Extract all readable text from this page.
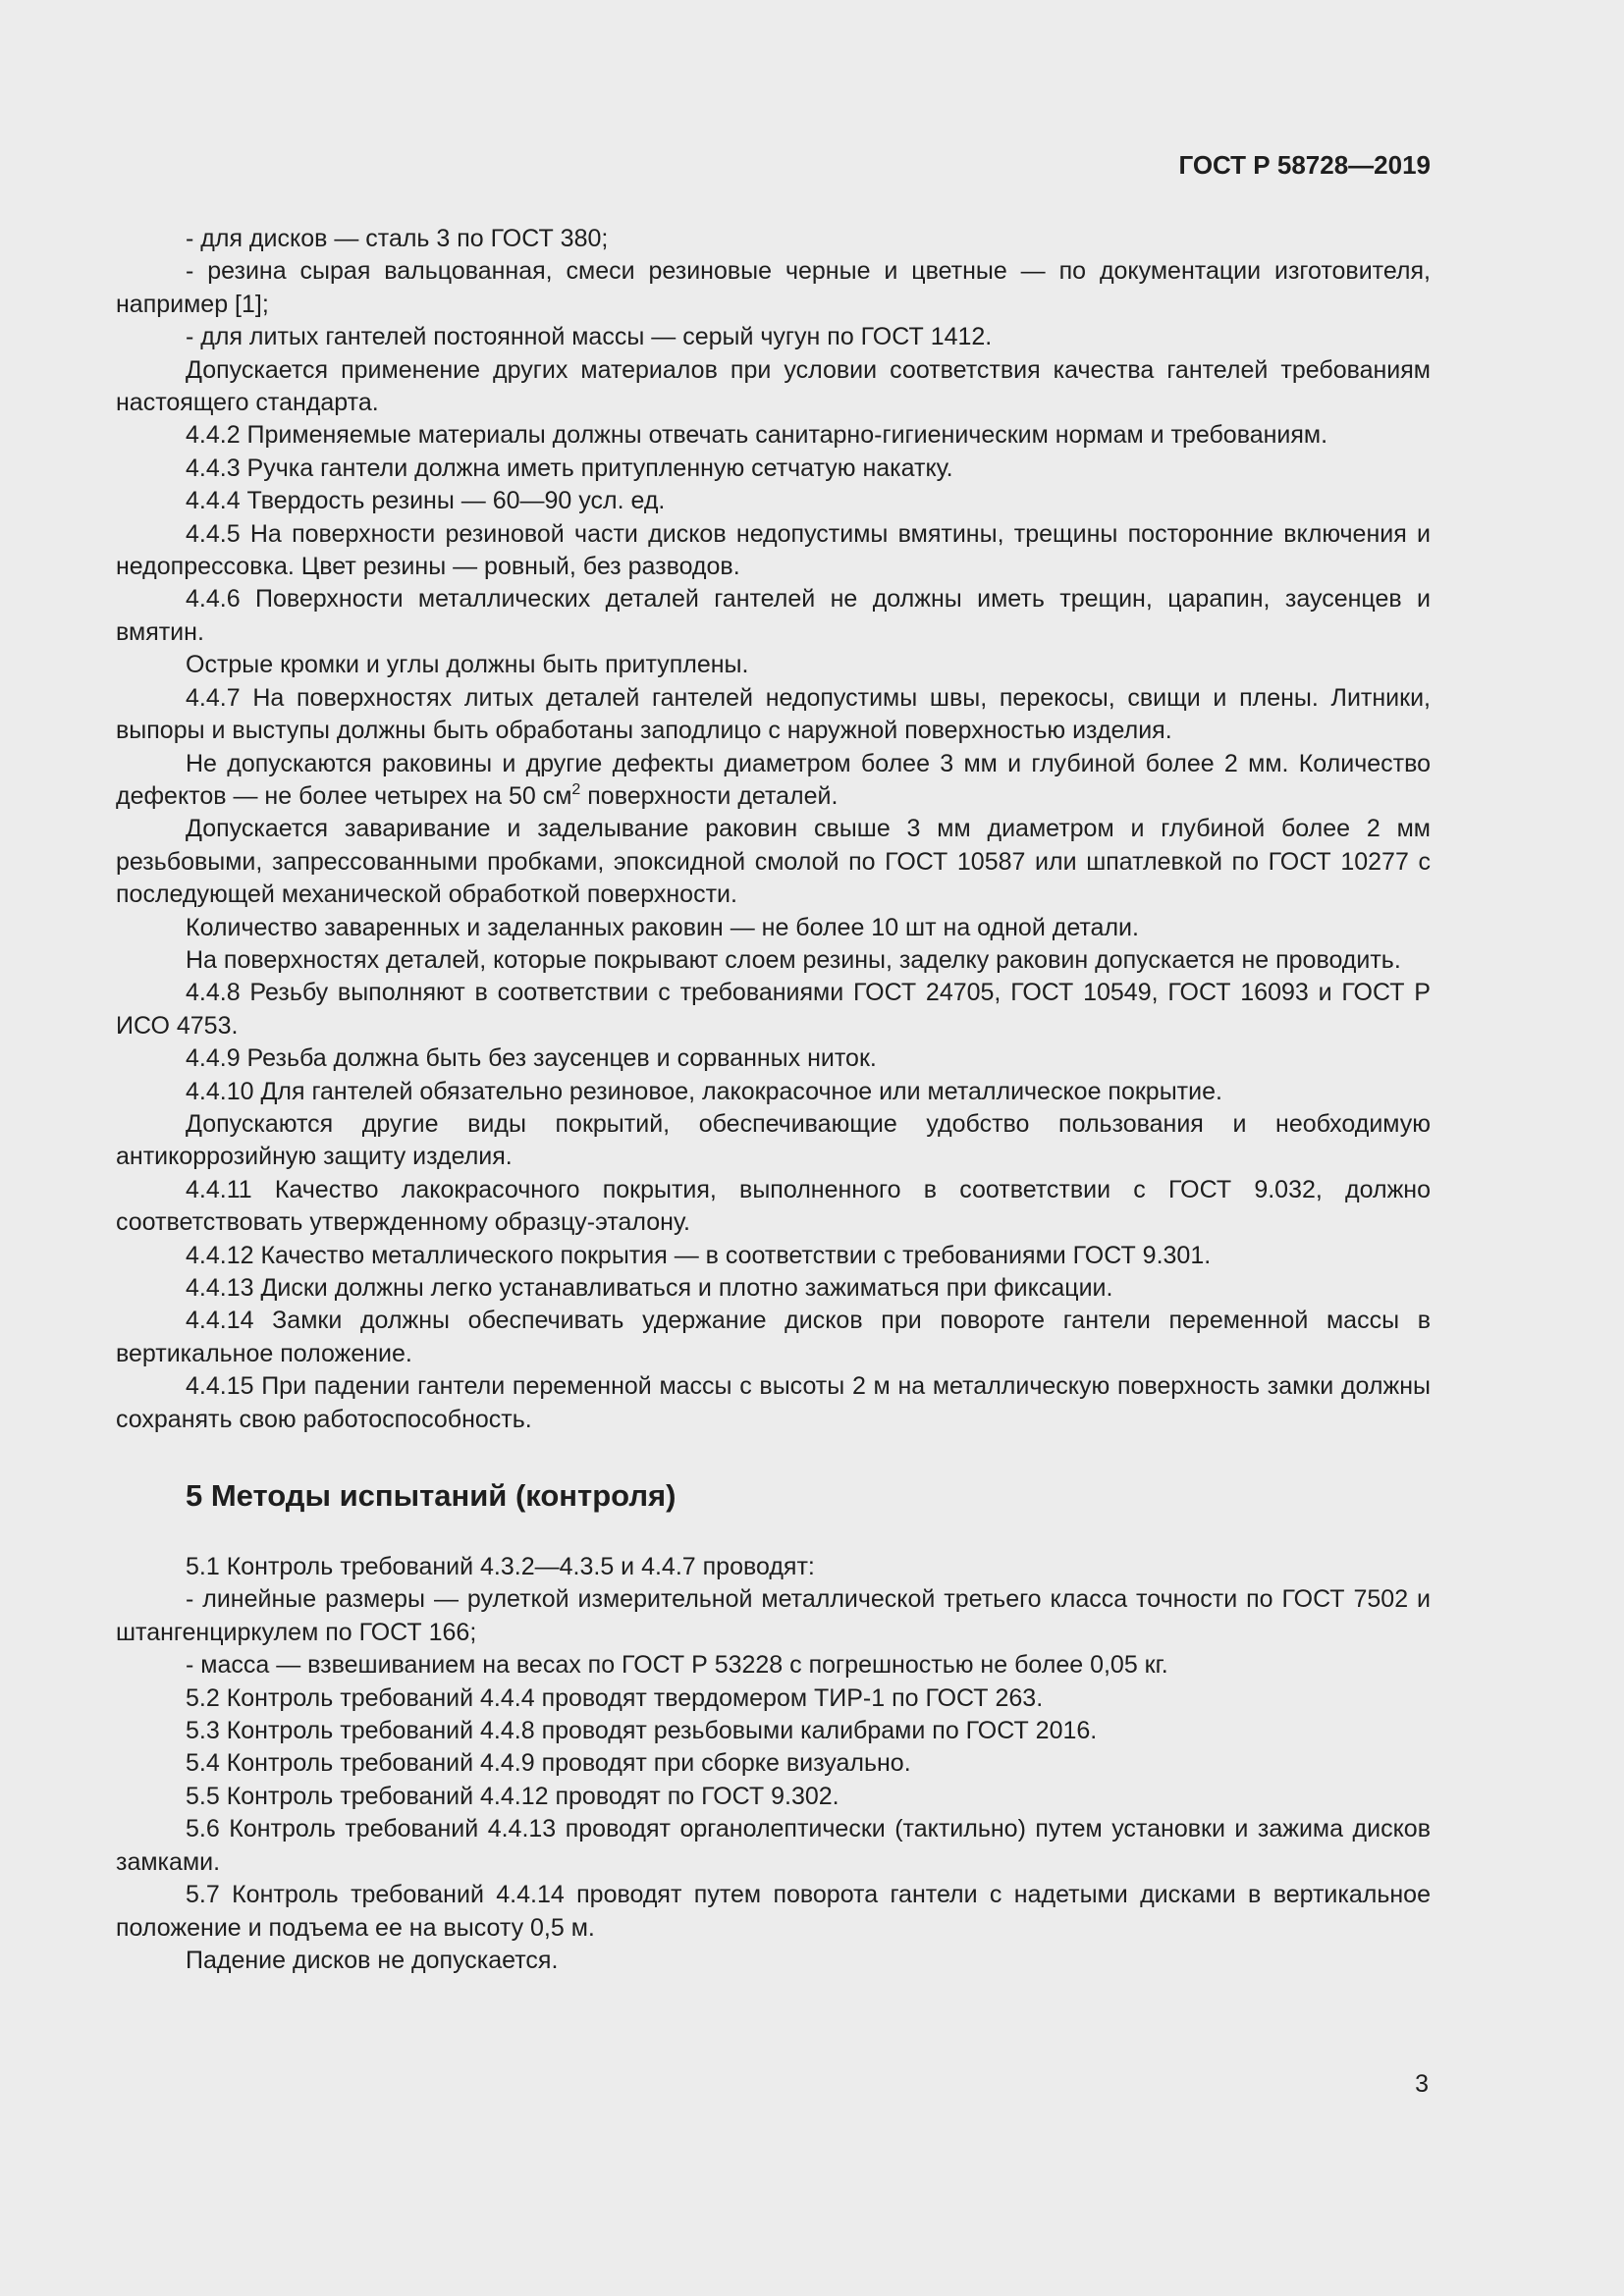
ГОСТ Р 58728—2019

- для дисков — сталь 3 по ГОСТ 380;

- резина сырая вальцованная, смеси резиновые черные и цветные — по документации изготовителя, например [1];

- для литых гантелей постоянной массы — серый чугун по ГОСТ 1412.

Допускается применение других материалов при условии соответствия качества гантелей требованиям настоящего стандарта.

4.4.2 Применяемые материалы должны отвечать санитарно-гигиеническим нормам и требованиям.

4.4.3 Ручка гантели должна иметь притупленную сетчатую накатку.

4.4.4 Твердость резины — 60—90 усл. ед.

4.4.5 На поверхности резиновой части дисков недопустимы вмятины, трещины посторонние включения и недопрессовка. Цвет резины — ровный, без разводов.

4.4.6 Поверхности металлических деталей гантелей не должны иметь трещин, царапин, заусенцев и вмятин.

Острые кромки и углы должны быть притуплены.

4.4.7 На поверхностях литых деталей гантелей недопустимы швы, перекосы, свищи и плены. Литники, выпоры и выступы должны быть обработаны заподлицо с наружной поверхностью изделия.

Не допускаются раковины и другие дефекты диаметром более 3 мм и глубиной более 2 мм. Количество дефектов — не более четырех на 50 $см^2$ поверхности деталей.

Допускается заваривание и заделывание раковин свыше 3 мм диаметром и глубиной более 2 мм резьбовыми, запрессованными пробками, эпоксидной смолой по ГОСТ 10587 или шпатлевкой по ГОСТ 10277 с последующей механической обработкой поверхности.

Количество заваренных и заделанных раковин — не более 10 шт на одной детали.

На поверхностях деталей, которые покрывают слоем резины, заделку раковин допускается не проводить.

4.4.8 Резьбу выполняют в соответствии с требованиями ГОСТ 24705, ГОСТ 10549, ГОСТ 16093 и ГОСТ Р ИСО 4753.

4.4.9 Резьба должна быть без заусенцев и сорванных ниток.

4.4.10 Для гантелей обязательно резиновое, лакокрасочное или металлическое покрытие.

Допускаются другие виды покрытий, обеспечивающие удобство пользования и необходимую антикоррозийную защиту изделия.

4.4.11 Качество лакокрасочного покрытия, выполненного в соответствии с ГОСТ 9.032, должно соответствовать утвержденному образцу-эталону.

4.4.12 Качество металлического покрытия — в соответствии с требованиями ГОСТ 9.301.

4.4.13 Диски должны легко устанавливаться и плотно зажиматься при фиксации.

4.4.14 Замки должны обеспечивать удержание дисков при повороте гантели переменной массы в вертикальное положение.

4.4.15 При падении гантели переменной массы с высоты 2 м на металлическую поверхность замки должны сохранять свою работоспособность.

5 Методы испытаний (контроля)

5.1 Контроль требований 4.3.2—4.3.5 и 4.4.7 проводят:

- линейные размеры — рулеткой измерительной металлической третьего класса точности по ГОСТ 7502 и штангенциркулем по ГОСТ 166;

- масса — взвешиванием на весах по ГОСТ Р 53228 с погрешностью не более 0,05 кг.

5.2 Контроль требований 4.4.4 проводят твердомером ТИР-1 по ГОСТ 263.

5.3 Контроль требований 4.4.8 проводят резьбовыми калибрами по ГОСТ 2016.

5.4 Контроль требований 4.4.9 проводят при сборке визуально.

5.5 Контроль требований 4.4.12 проводят по ГОСТ 9.302.

5.6 Контроль требований 4.4.13 проводят органолептически (тактильно) путем установки и зажима дисков замками.

5.7 Контроль требований 4.4.14 проводят путем поворота гантели с надетыми дисками в вертикальное положение и подъема ее на высоту 0,5 м.

Падение дисков не допускается.

3
